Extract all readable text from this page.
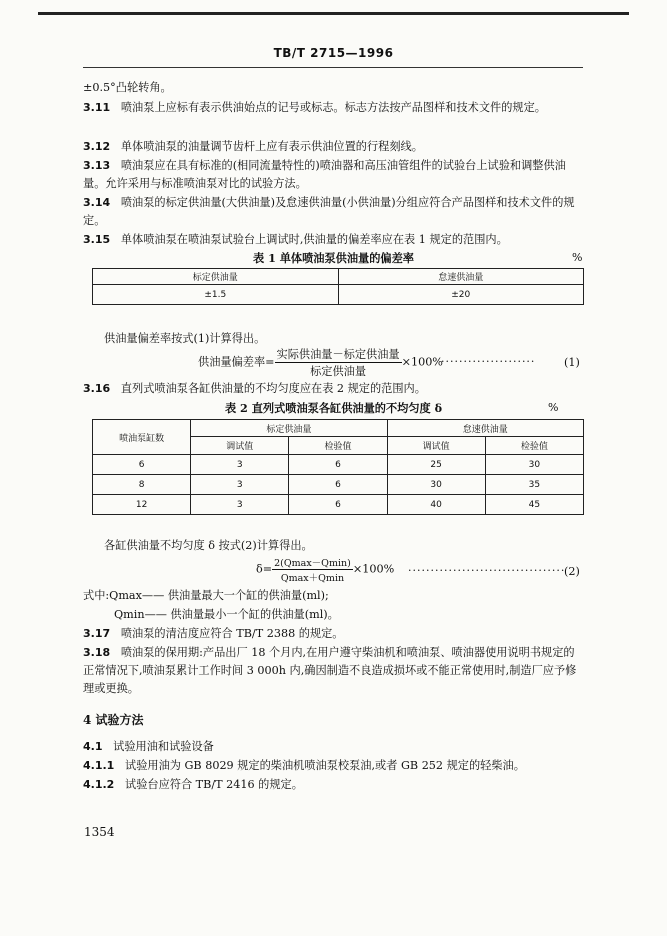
TB/T 2715—1996
±0.5°凸轮转角。
3.11 喷油泵上应标有表示供油始点的记号或标志。标志方法按产品图样和技术文件的规定。
3.12 单体喷油泵的油量调节齿杆上应有表示供油位置的行程刻线。
3.13 喷油泵应在具有标准的(相同流量特性的)喷油器和高压油管组件的试验台上试验和调整供油量。允许采用与标准喷油泵对比的试验方法。
3.14 喷油泵的标定供油量(大供油量)及怠速供油量(小供油量)分组应符合产品图样和技术文件的规定。
3.15 单体喷油泵在喷油泵试验台上调试时,供油量的偏差率应在表 1 规定的范围内。
表 1 单体喷油泵供油量的偏差率	%
标定供油量	怠速供油量
±1.5	±20
供油量偏差率按式(1)计算得出。
供油量偏差率= $\frac{\text{实际供油量－标定供油量}}{\text{标定供油量}} \times 100\%$
·····················	(1)
3.16 直列式喷油泵各缸供油量的不均匀度应在表 2 规定的范围内。
表 2 直列式喷油泵各缸供油量的不均匀度 δ	%
喷油泵缸数	标定供油量		怠速供油量	
	调试值	检验值	调试值	检验值
6	3	6	25	30
8	3	6	30	35
12	3	6	40	45
各缸供油量不均匀度 δ 按式(2)计算得出。
$\delta= \frac{2(Qmax-Qmin)}{Qmax+Qmin} \times 100\%$ ···································
(2)
式中:Qmax—— 供油量最大一个缸的供油量(ml);
Qmin—— 供油量最小一个缸的供油量(ml)。
3.17 喷油泵的清洁度应符合 TB/T 2388 的规定。
3.18 喷油泵的保用期:产品出厂 18 个月内,在用户遵守柴油机和喷油泵、喷油器使用说明书规定的正常情况下,喷油泵累计工作时间 3 000h 内,确因制造不良造成损坏或不能正常使用时,制造厂应予修理或更换。
4 试验方法
4.1 试验用油和试验设备
4.1.1 试验用油为 GB 8029 规定的柴油机喷油泵校泵油,或者 GB 252 规定的轻柴油。
4.1.2 试验台应符合 TB/T 2416 的规定。
1354
